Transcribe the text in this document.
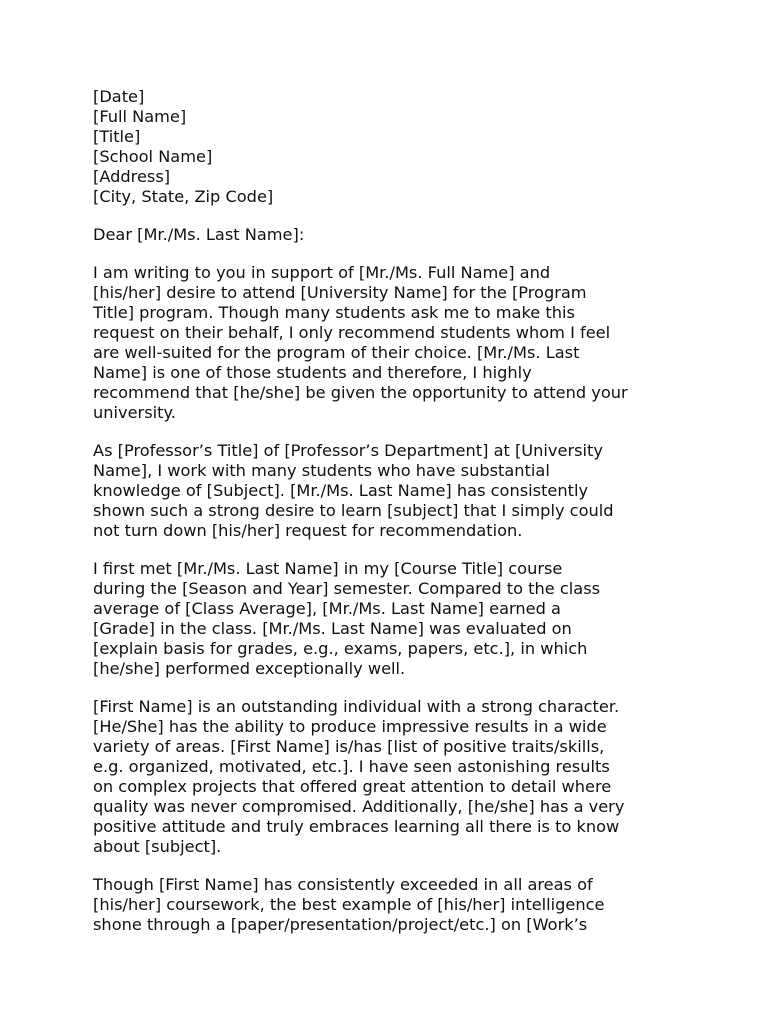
[Date]
[Full Name]
[Title]
[School Name]
[Address]
[City, State, Zip Code]
Dear [Mr./Ms. Last Name]:
I am writing to you in support of [Mr./Ms. Full Name] and
[his/her] desire to attend [University Name] for the [Program
Title] program. Though many students ask me to make this
request on their behalf, I only recommend students whom I feel
are well-suited for the program of their choice. [Mr./Ms. Last
Name] is one of those students and therefore, I highly
recommend that [he/she] be given the opportunity to attend your
university.
As [Professor’s Title] of [Professor’s Department] at [University
Name], I work with many students who have substantial
knowledge of [Subject]. [Mr./Ms. Last Name] has consistently
shown such a strong desire to learn [subject] that I simply could
not turn down [his/her] request for recommendation.
I first met [Mr./Ms. Last Name] in my [Course Title] course
during the [Season and Year] semester. Compared to the class
average of [Class Average], [Mr./Ms. Last Name] earned a
[Grade] in the class. [Mr./Ms. Last Name] was evaluated on
[explain basis for grades, e.g., exams, papers, etc.], in which
[he/she] performed exceptionally well.
[First Name] is an outstanding individual with a strong character.
[He/She] has the ability to produce impressive results in a wide
variety of areas. [First Name] is/has [list of positive traits/skills,
e.g. organized, motivated, etc.]. I have seen astonishing results
on complex projects that offered great attention to detail where
quality was never compromised. Additionally, [he/she] has a very
positive attitude and truly embraces learning all there is to know
about [subject].
Though [First Name] has consistently exceeded in all areas of
[his/her] coursework, the best example of [his/her] intelligence
shone through a [paper/presentation/project/etc.] on [Work’s
